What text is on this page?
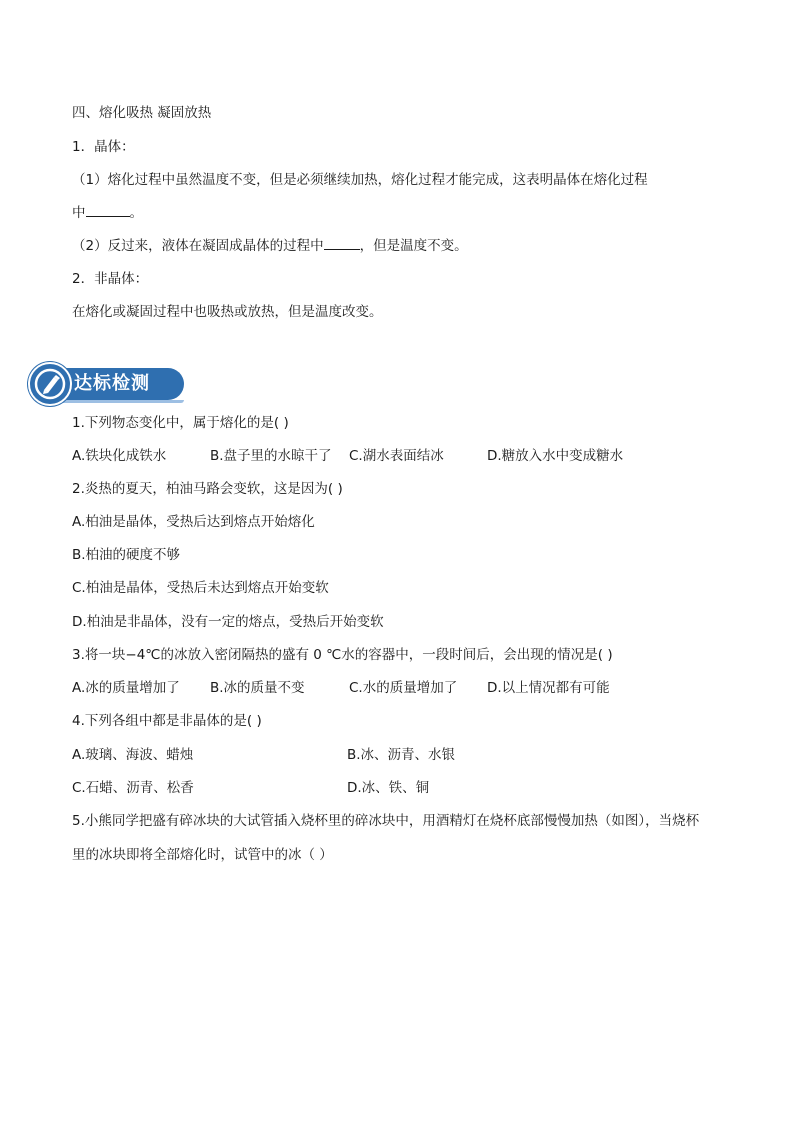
四、熔化吸热 凝固放热
1．晶体：
（1）熔化过程中虽然温度不变，但是必须继续加热，熔化过程才能完成，这表明晶体在熔化过程
中	。
（2）反过来，液体在凝固成晶体的过程中	，但是温度不变。
2．非晶体：
在熔化或凝固过程中也吸热或放热，但是温度改变。
达标检测
1.下列物态变化中，属于熔化的是( )
A.铁块化成铁水	B.盘子里的水晾干了 C.湖水表面结冰	D.糖放入水中变成糖水
2.炎热的夏天，柏油马路会变软，这是因为( )
A.柏油是晶体，受热后达到熔点开始熔化
B.柏油的硬度不够
C.柏油是晶体，受热后未达到熔点开始变软
D.柏油是非晶体，没有一定的熔点，受热后开始变软
3.将一块−4℃的冰放入密闭隔热的盛有 0 ℃水的容器中，一段时间后，会出现的情况是( )
A.冰的质量增加了 B.冰的质量不变	C.水的质量增加了 D.以上情况都有可能
4.下列各组中都是非晶体的是( )
A.玻璃、海波、蜡烛	B.冰、沥青、水银
C.石蜡、沥青、松香	D.冰、铁、铜
5.小熊同学把盛有碎冰块的大试管插入烧杯里的碎冰块中，用酒精灯在烧杯底部慢慢加热（如图），当烧杯
里的冰块即将全部熔化时，试管中的冰（ ）
